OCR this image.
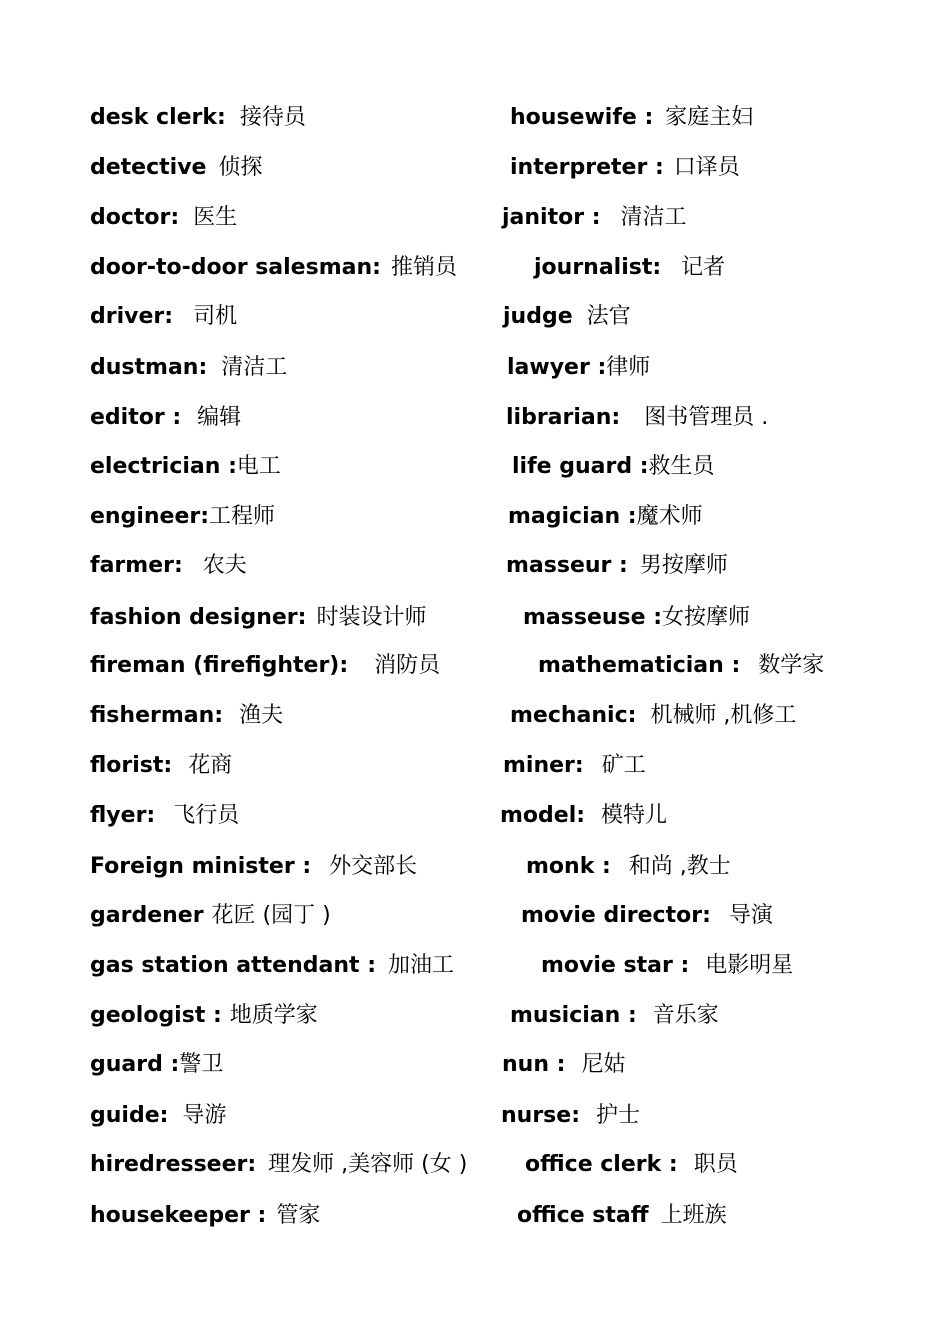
desk clerk: 接待员
detective 侦探
doctor: 医生
door-to-door salesman: 推销员
driver: 司机
dustman: 清洁工
editor : 编辑
electrician :电工
engineer:工程师
farmer: 农夫
fashion designer: 时装设计师
fireman (firefighter): 消防员
fisherman: 渔夫
florist: 花商
flyer: 飞行员
Foreign minister : 外交部长
gardener 花匠 (园丁 )
gas station attendant : 加油工
geologist : 地质学家
guard :警卫
guide: 导游
hiredresseer: 理发师 ,美容师 (女 )
housekeeper : 管家
housewife : 家庭主妇
interpreter : 口译员
janitor : 清洁工
journalist: 记者
judge 法官
lawyer :律师
librarian: 图书管理员 .
life guard :救生员
magician :魔术师
masseur : 男按摩师
masseuse :女按摩师
mathematician : 数学家
mechanic: 机械师 ,机修工
miner: 矿工
model: 模特儿
monk : 和尚 ,教士
movie director: 导演
movie star : 电影明星
musician : 音乐家
nun : 尼姑
nurse: 护士
office clerk : 职员
office staff 上班族
